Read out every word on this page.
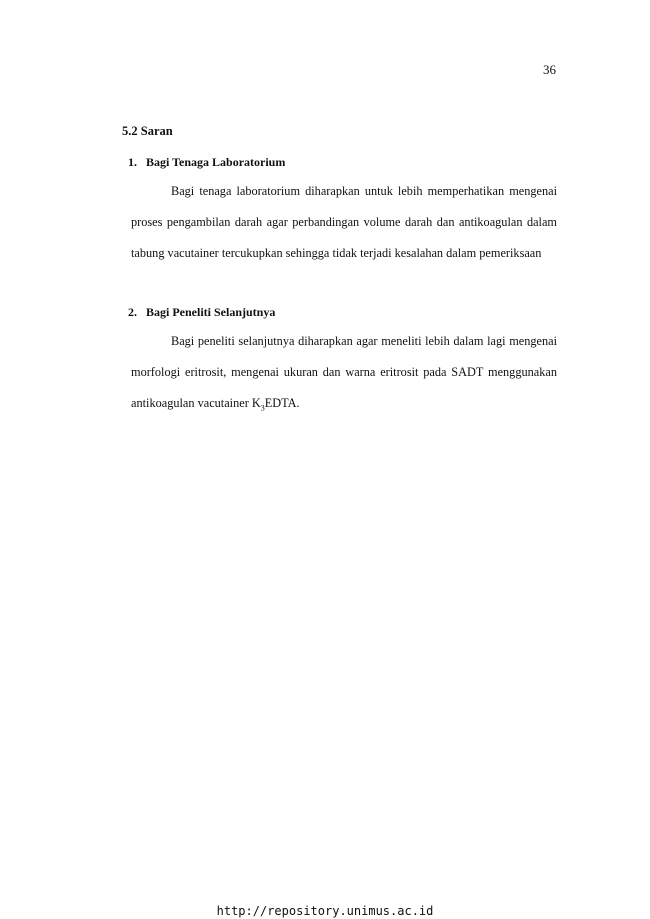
36
5.2 Saran
1. Bagi Tenaga Laboratorium

Bagi tenaga laboratorium diharapkan untuk lebih memperhatikan mengenai proses pengambilan darah agar perbandingan volume darah dan antikoagulan dalam tabung vacutainer tercukupkan sehingga tidak terjadi kesalahan dalam pemeriksaan

2. Bagi Peneliti Selanjutnya

Bagi peneliti selanjutnya diharapkan agar meneliti lebih dalam lagi mengenai morfologi eritrosit, mengenai ukuran dan warna eritrosit pada SADT menggunakan antikoagulan vacutainer $K_3EDTA$.

http://repository.unimus.ac.id
